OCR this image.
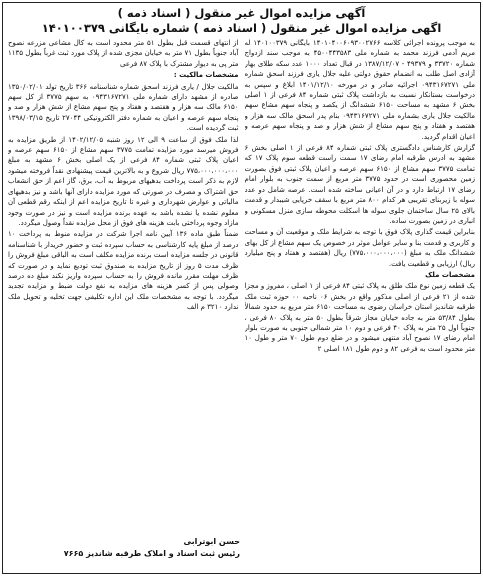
آگهی مزایده اموال غیر منقول ( اسناد ذمه )
اگهی مزایده اموال غیر منقول ( اسناد ذمه ) شماره بایگانی ۱۴۰۱۰۰۳۷۹

به موجب پرونده اجرائی کلاسه ۱۴۰۱۰۴۰۰۶۰۹۳۰۰۲۷۶۶ بایگانی ۱۴۰۱۰۰۳۷۹ له مریم آدمی فرزند محمد به شماره ملی ۴۵۰۰۴۴۳۵۸۳ به موجب سند ازدواج شماره ۳۳۷۲۰ و ۴۹۳۷۹ - ۱۳۸۷/۱۲/۰۷ در قبال تعداد ۱۰۰۰ عدد سکه طلای بهار آزادی اصل طلب به انضمام حقوق دولتی علیه جلال یاری فرزند اسحق شماره ملی ۰۹۴۳۱۶۷۲۷۱ اجرائیه صادر و در مورخه ۱۴۰۱/۱۲/۱۰ ابلاغ و سپس به درخواست بستانکار نسبت به بازداشت پلاک ثبتی شماره ۸۴ فرعی از ۱ اصلی بخش ۶ مشهد به مساحت ۶۱۵۰ ششدانگ از یکصد و پنجاه سهم مشاع سهم مالکیت جلال یاری بشماره ملی ۰۹۴۳۱۶۷۲۷۱ بنام پدر اسحق مالک سه هزار و هفتصد و هفتاد و پنج سهم مشاع از شش هزار و صد و پنجاه سهم عرصه و اعیان اقدام گردید.

گزارش کارشناس دادگستری پلاک ثبتی شماره ۸۴ فرعی از ۱ اصلی بخش ۶ مشهد به ادرس طرقبه امام رضای ۱۷ سمت راست قطعه سوم پلاک ۱۷ که تمامت ۳۷۷۵ سهم مشاع از ۶۱۵۰ سهم عرصه و اعیان پلاک ثبتی فوق بصورت زمین محصوری است در حدود ۳۷۷۵ متر مربع از سمت جنوب به بلوار امام رضای ۱۷ ارتباط دارد و در آن اعیانی ساخته شده است. عرصه شامل دو عدد سوله با زیربنای تقریبی هر کدام ۸۰۰ متر مربع با سقف خرپایی شیبدار و قدمت بالای ۲۵ سال ساختمان جلوی سوله ها اسکلت محوطه سازی منزل مسکونی و انباری در زمین بصورت ساده.

بنابراین قیمت گذاری پلاک فوق با توجه به شرایط ملک و موقعیت آن و مساحت و کاربری و قدمت بنا و سایر عوامل موثر در خصوص یک سهم مشاع از کل بهای ششدانگ ملک به مبلغ (۷۷۵،۰۰۰،۰۰۰،۰۰۰) ریال (هفتصد و هفتاد و پنج میلیارد ریال) ارزیابی و قطعیت یافت.

مشخصات ملک

یک قطعه زمین نوع ملک طلق به پلاک ثبتی ۸۴ فرعی از ۱ اصلی ، مفروز و مجزا شده از ۲۱ فرعی از اصلی مذکور واقع در بخش ۰۶ ناحیه ۰۰ حوزه ثبت ملک طرقبه شاندیز استان خراسان رضوی به مساحت ۶۱۵۰ متر مربع به حدود شمالاً بطول ۵۳/۸۴ متر به جاده خیابان مجاز شرقاً بطول ۵۰ متر به پلاک ۸۰ فرعی ، جنوباً اول ۲۵ متر به پلاک ۴۰ فرعی و دوم ۱۰ متر شمالی جنوبی به صورت بلوار امام رضای ۱۷ نصوح آباد منتهی میشود و در ضلع دوم طول ۷۰ متر و طول ۱۰ متر محدود است به فرعی ۸۲ و دوم طول ۱۸۱ اصلی ۲

از انتهای قسمت قبل بطول ۵۱ متر محدود است به کال مشاعی مزرعه نصوح آباد جنوباً بطول ۷۱ متر به خیابان مجزی شده از پلاک مورد ثبت غرباً بطول ۱۱۳۵ متر پی به دیوار مشترک با پلاک ۸۷ فرعی

مشخصات مالکیت :

مالکیت جلال / یاری فرزند اسحق شماره شناسنامه ۳۶۶ تاریخ تولد ۱۳۵۰/۰۲/۰۱ صادره از مشهد دارای شماره ملی ۰۹۴۳۱۶۷۲۷۱ به سهم ۳۷۷۵ از کل سهم ۶۱۵۰ مالک سه هزار و هفتصد و هفتاد و پنج سهم مشاع از شش هزار و صد و پنجاه سهم عرصه و اعیان به شماره دفتر الکترونیکی ۲۷۰۴۴ تاریخ ۱۳۹۸/۰۳/۱۵ ثبت گردیده است.

لذا ملک فوق از ساعت ۹ الی ۱۲ روز شنبه ۱۴۰۲/۱۲/۰۵ از طریق مزایده به فروش میرسد مورد مزایده تمامت ۳۷۷۵ سهم مشاع از ۶۱۵۰ سهم عرصه و اعیان پلاک ثبتی شماره ۸۴ فرعی از یک اصلی بخش ۶ مشهد به مبلغ ۷۷۵،۰۰۰،۰۰۰،۰۰۰ ریال شروع و به بالاترین قیمت پیشنهادی نقداً فروخته میشود لازم به ذکر است پرداخت بدهیهای مربوط به آب، برق، گاز اعم از حق انشعاب حق اشتراک و مصرف در صورتی که مورد مزایده دارای آنها باشد و نیز بدهیهای مالیاتی و عوارض شهرداری و غیره تا تاریخ مزایده اعم از اینکه رقم قطعی آن معلوم نشده یا نشده باشد به عهده برنده مزایده است و نیز در صورت وجود مازاد وجوه پرداختی بابت هزینه های فوق از محل مزایده نقداً وصول میگردد.

ضمناً طبق ماده ۱۳۶ آیین نامه اجرا شرکت در مزایده منوط به پرداخت ۱۰ درصد از مبلغ پایه کارشناسی به حساب سپرده ثبت و حضور خریدار با شناسنامه قانونی در جلسه مزایده است برنده مزایده مکلف است به الباقی مبلغ فروش را ظرف مدت ۵ روز از تاریخ مزایده به صندوق ثبت تودیع نماید و در صورت که ظرف مهلت مقرر مانده فروش را به حساب سپرده واریز نکند مبلغ ده درصد وصولی پس از کسر هزینه های مزایده به نفع دولت ضبط و مزایده تجدید میگردد. با توجه به مشخصات ملک این اداره تکلیفی جهت تخلیه و تحویل ملک ندارد ۳۲۱۰ م الف

حسن ابوترابی
رئیس ثبت اسناد و املاک طرقبه شاندیز ۷۶۶۵
